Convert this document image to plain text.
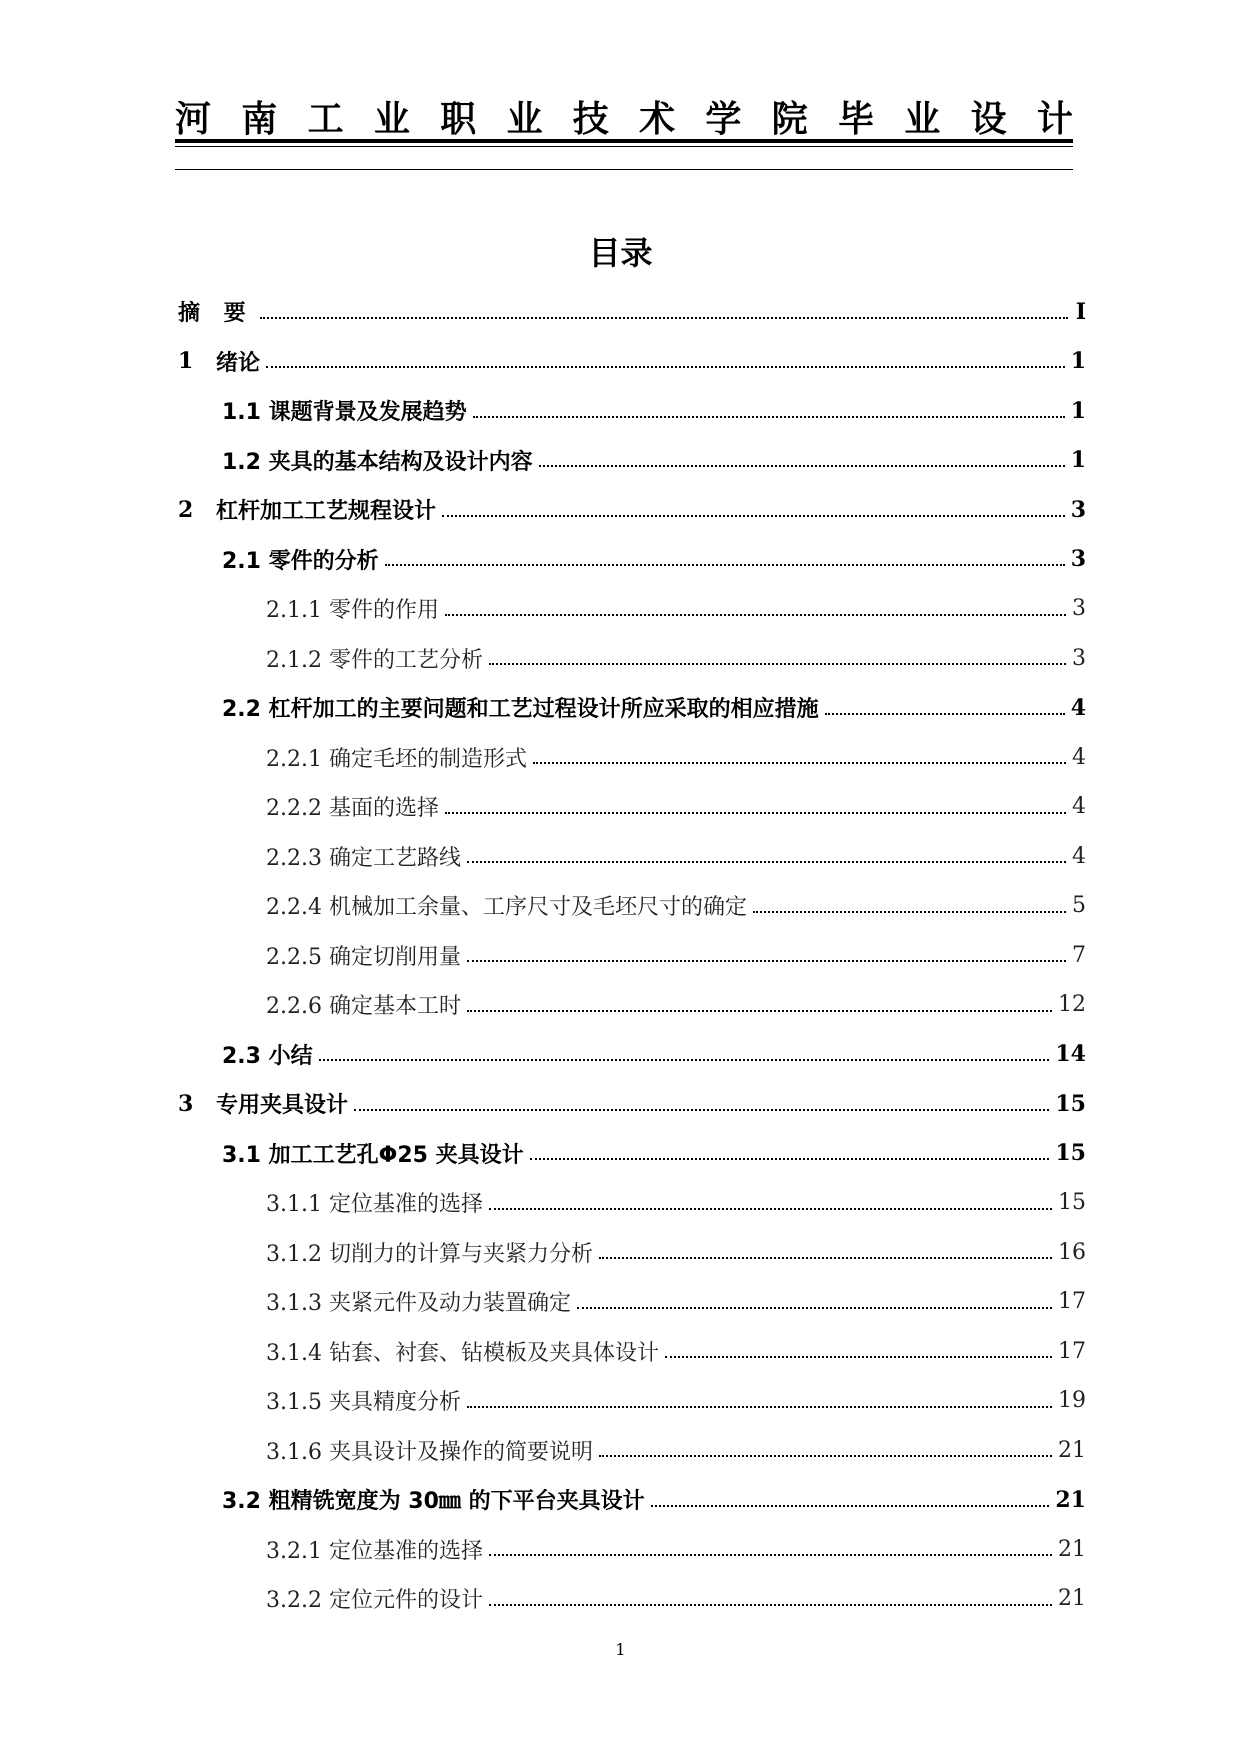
河 南 工 业 职 业 技 术 学 院 毕 业 设 计
目录
摘 要	I
1	绪论	1
1.1 课题背景及发展趋势	1
1.2 夹具的基本结构及设计内容	1
2	杠杆加工工艺规程设计	3
2.1 零件的分析	3
2.1.1 零件的作用	3
2.1.2 零件的工艺分析	3
2.2 杠杆加工的主要问题和工艺过程设计所应采取的相应措施	4
2.2.1 确定毛坯的制造形式	4
2.2.2 基面的选择	4
2.2.3 确定工艺路线	4
2.2.4 机械加工余量、工序尺寸及毛坯尺寸的确定	5
2.2.5 确定切削用量	7
2.2.6 确定基本工时	12
2.3 小结	14
3	专用夹具设计	15
3.1 加工工艺孔Φ25 夹具设计	15
3.1.1 定位基准的选择	15
3.1.2 切削力的计算与夹紧力分析	16
3.1.3 夹紧元件及动力装置确定	17
3.1.4 钻套、衬套、钻模板及夹具体设计	17
3.1.5 夹具精度分析	19
3.1.6 夹具设计及操作的简要说明	21
3.2 粗精铣宽度为 30㎜ 的下平台夹具设计	21
3.2.1 定位基准的选择	21
3.2.2 定位元件的设计	21
1
